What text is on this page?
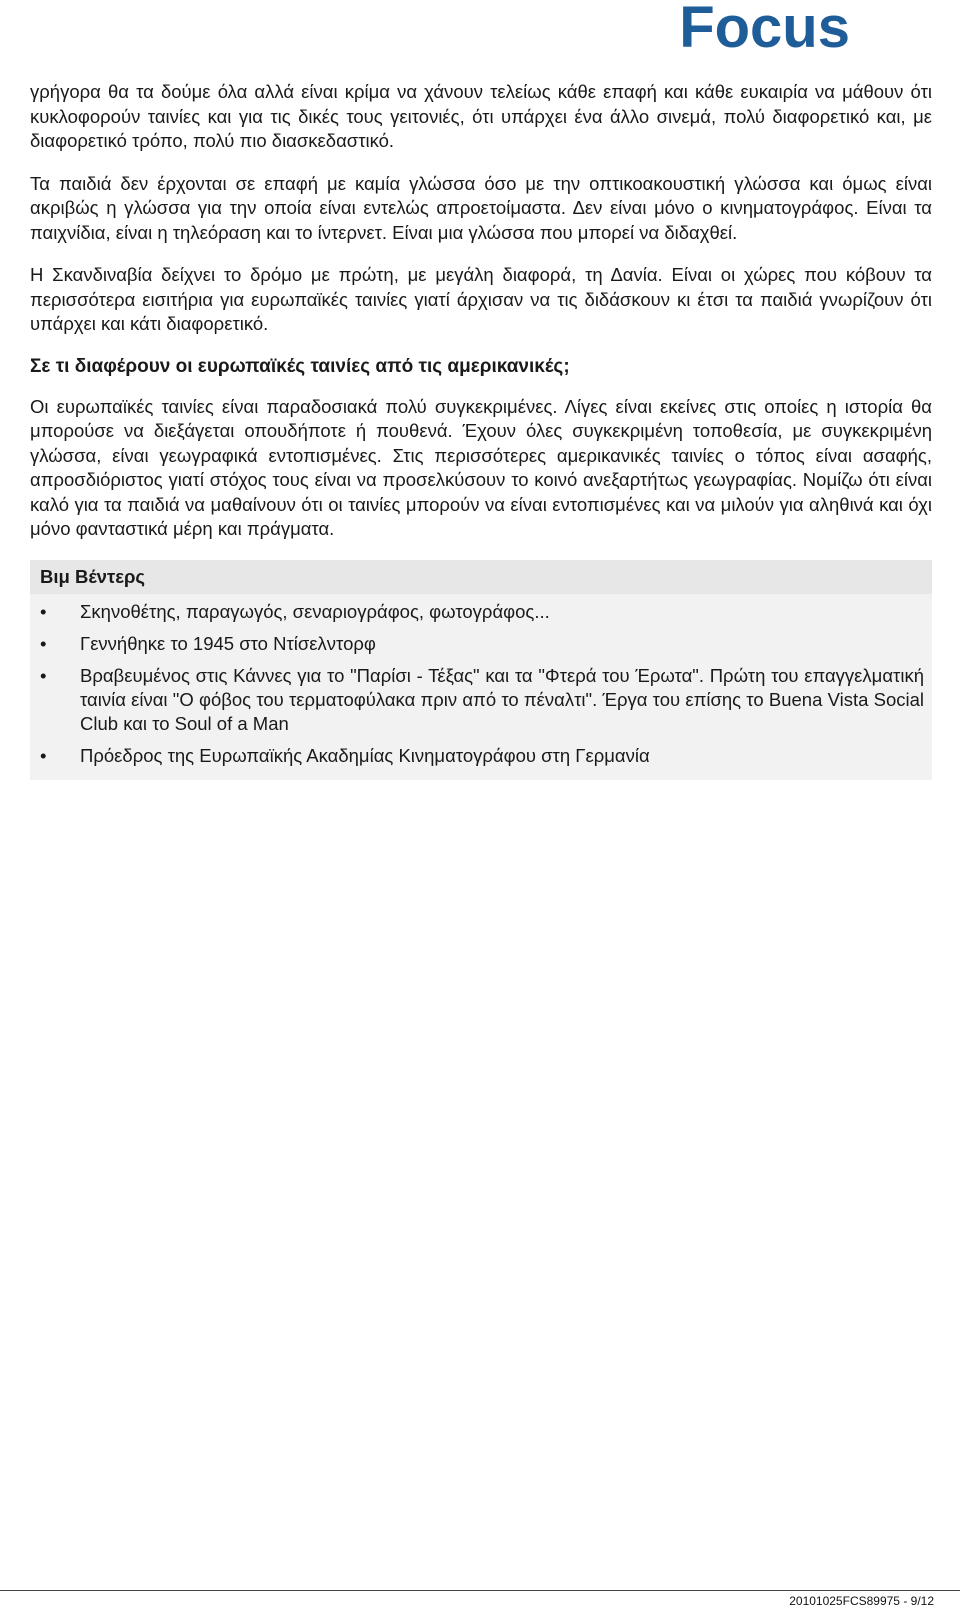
Focus

γρήγορα θα τα δούμε όλα αλλά είναι κρίμα να χάνουν τελείως κάθε επαφή και κάθε ευκαιρία να μάθουν ότι κυκλοφορούν ταινίες και για τις δικές τους γειτονιές, ότι υπάρχει ένα άλλο σινεμά, πολύ διαφορετικό και, με διαφορετικό τρόπο, πολύ πιο διασκεδαστικό.

Τα παιδιά δεν έρχονται σε επαφή με καμία γλώσσα όσο με την οπτικοακουστική γλώσσα και όμως είναι ακριβώς η γλώσσα για την οποία είναι εντελώς απροετοίμαστα. Δεν είναι μόνο ο κινηματογράφος. Είναι τα παιχνίδια, είναι η τηλεόραση και το ίντερνετ. Είναι μια γλώσσα που μπορεί να διδαχθεί.

Η Σκανδιναβία δείχνει το δρόμο με πρώτη, με μεγάλη διαφορά, τη Δανία. Είναι οι χώρες που κόβουν τα περισσότερα εισιτήρια για ευρωπαϊκές ταινίες γιατί άρχισαν να τις διδάσκουν κι έτσι τα παιδιά γνωρίζουν ότι υπάρχει και κάτι διαφορετικό.

Σε τι διαφέρουν οι ευρωπαϊκές ταινίες από τις αμερικανικές;

Οι ευρωπαϊκές ταινίες είναι παραδοσιακά πολύ συγκεκριμένες. Λίγες είναι εκείνες στις οποίες η ιστορία θα μπορούσε να διεξάγεται οπουδήποτε ή πουθενά. Έχουν όλες συγκεκριμένη τοποθεσία, με συγκεκριμένη γλώσσα, είναι γεωγραφικά εντοπισμένες. Στις περισσότερες αμερικανικές ταινίες ο τόπος είναι ασαφής, απροσδιόριστος γιατί στόχος τους είναι να προσελκύσουν το κοινό ανεξαρτήτως γεωγραφίας. Νομίζω ότι είναι καλό για τα παιδιά να μαθαίνουν ότι οι ταινίες μπορούν να είναι εντοπισμένες και να μιλούν για αληθινά και όχι μόνο φανταστικά μέρη και πράγματα.

Βιμ Βέντερς
• Σκηνοθέτης, παραγωγός, σεναριογράφος, φωτογράφος...
• Γεννήθηκε το 1945 στο Ντίσελντορφ
• Βραβευμένος στις Κάννες για το "Παρίσι - Τέξας" και τα "Φτερά του Έρωτα". Πρώτη του επαγγελματική ταινία είναι "Ο φόβος του τερματοφύλακα πριν από το πέναλτι". Έργα του επίσης το Buena Vista Social Club και το Soul of a Man
• Πρόεδρος της Ευρωπαϊκής Ακαδημίας Κινηματογράφου στη Γερμανία
20101025FCS89975 - 9/12
